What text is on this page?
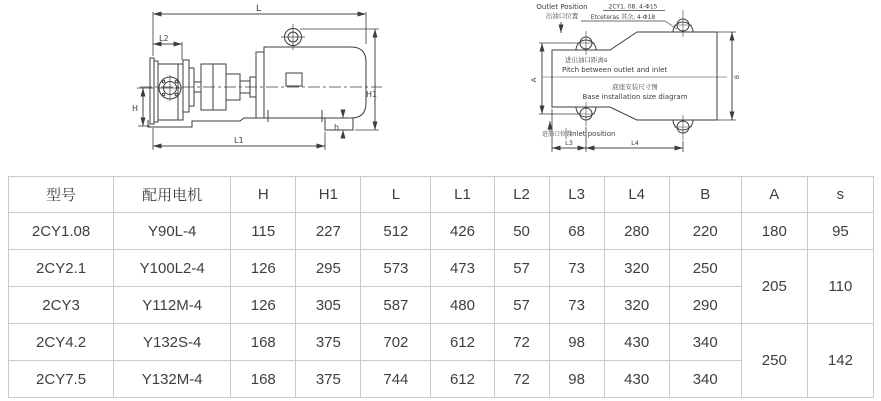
L
L2
H
H1
L1
h
Outlet Position
出油口位置
2CY1. 08. 4-Φ15
Etceteras 其余, 4-Φ18
进出油口距离s
Pitch between outlet and inlet
底座安装尺寸图
Base installation size diagram
进油口位置
Inlet position
A
B
L3	L4
型号	配用电机	H	H1	L	L1	L2	L3	L4	B	A	s
2CY1.08	Y90L-4	115	227	512	426	50	68	280	220	180	95
2CY2.1	Y100L2-4	126	295	573	473	57	73	320	250	205	110
2CY3	Y112M-4	126	305	587	480	57	73	320	290		
2CY4.2	Y132S-4	168	375	702	612	72	98	430	340	250	142
2CY7.5	Y132M-4	168	375	744	612	72	98	430	340		
